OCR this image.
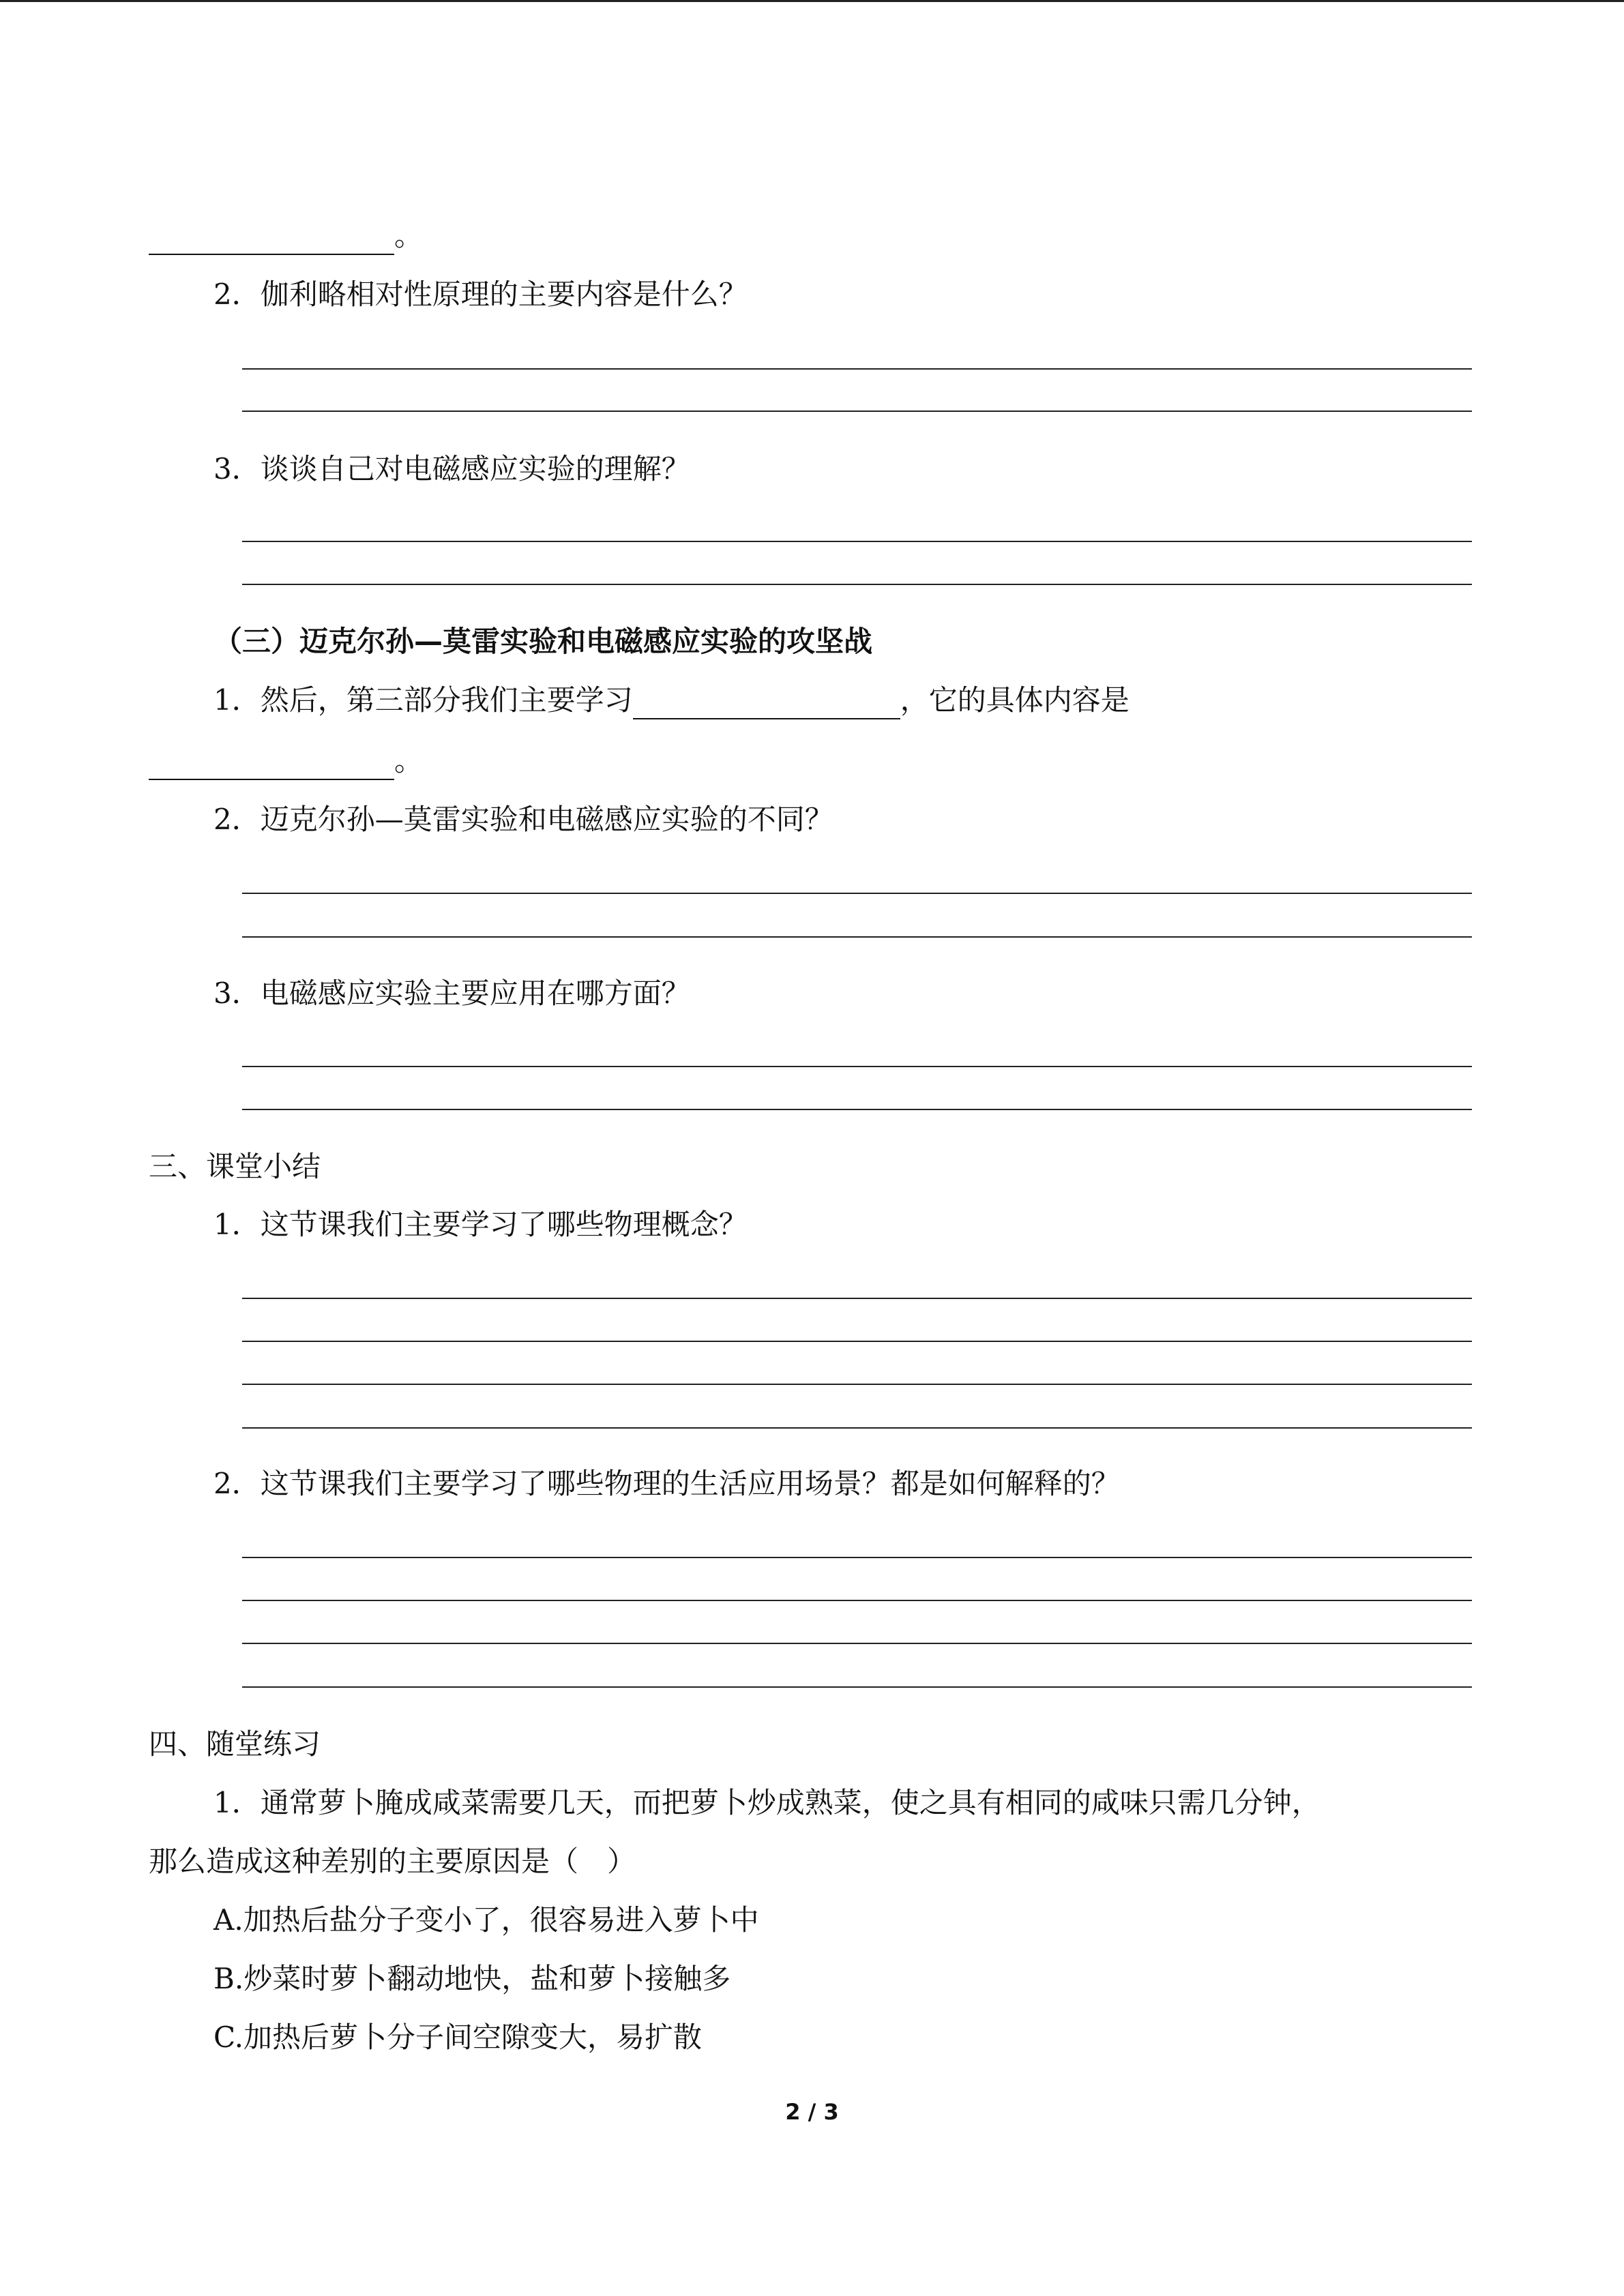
。
2．伽利略相对性原理的主要内容是什么？
3．谈谈自己对电磁感应实验的理解？
（三）迈克尔孙—莫雷实验和电磁感应实验的攻坚战
1．然后，第三部分我们主要学习	，它的具体内容是
。
2．迈克尔孙—莫雷实验和电磁感应实验的不同？
3．电磁感应实验主要应用在哪方面？
三、课堂小结
1．这节课我们主要学习了哪些物理概念？
2．这节课我们主要学习了哪些物理的生活应用场景？都是如何解释的？
四、随堂练习
1．通常萝卜腌成咸菜需要几天，而把萝卜炒成熟菜，使之具有相同的咸味只需几分钟，
那么造成这种差别的主要原因是（　）
A.加热后盐分子变小了，很容易进入萝卜中
B.炒菜时萝卜翻动地快，盐和萝卜接触多
C.加热后萝卜分子间空隙变大，易扩散
2 / 3
